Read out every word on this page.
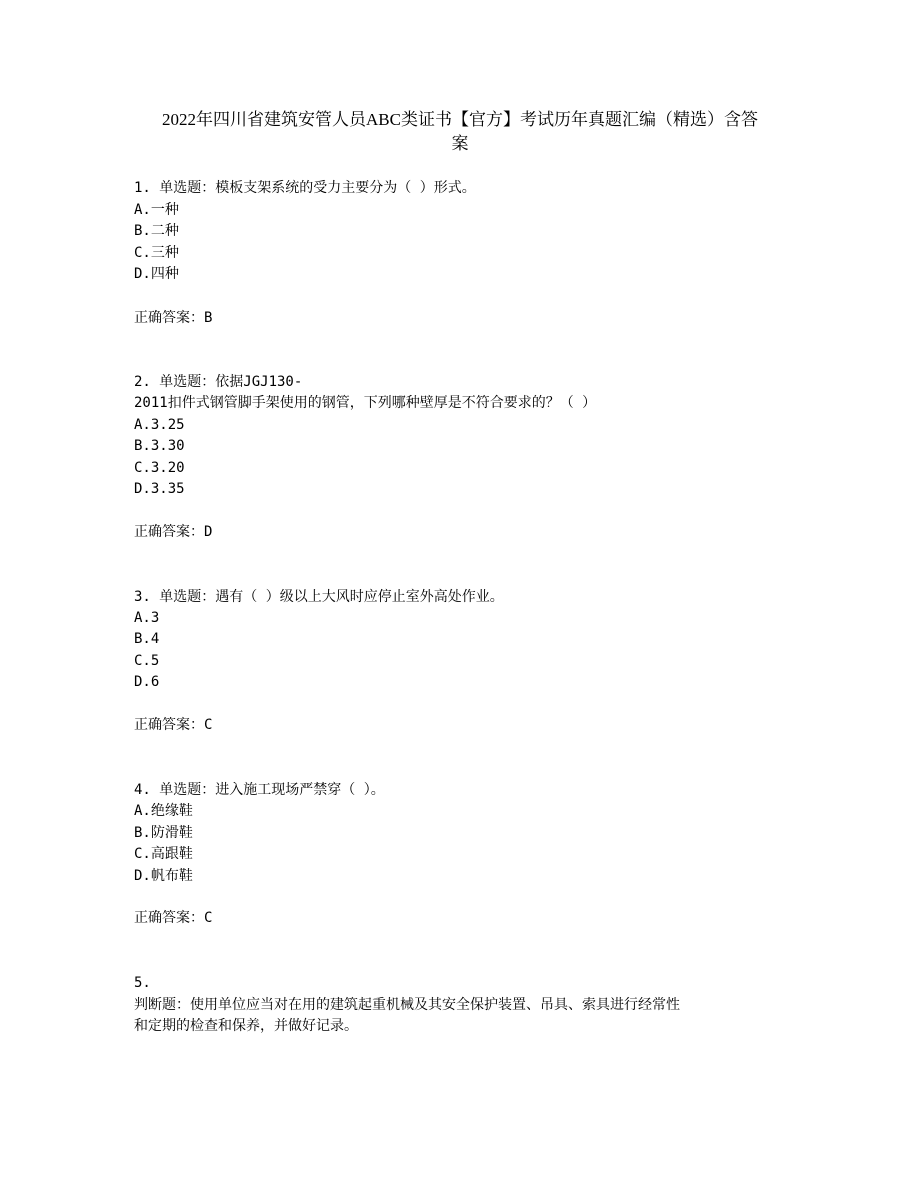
2022年四川省建筑安管人员ABC类证书【官方】考试历年真题汇编（精选）含答
案

1. 单选题：模板支架系统的受力主要分为（ ）形式。

A.一种

B.二种

C.三种

D.四种

正确答案：B

2. 单选题：依据JGJ130-

2011扣件式钢管脚手架使用的钢管，下列哪种壁厚是不符合要求的？（ ）

A.3.25

B.3.30

C.3.20

D.3.35

正确答案：D

3. 单选题：遇有（ ）级以上大风时应停止室外高处作业。

A.3

B.4

C.5

D.6

正确答案：C

4. 单选题：进入施工现场严禁穿（ ）。

A.绝缘鞋

B.防滑鞋

C.高跟鞋

D.帆布鞋

正确答案：C

5.

判断题：使用单位应当对在用的建筑起重机械及其安全保护装置、吊具、索具进行经常性

和定期的检查和保养，并做好记录。
